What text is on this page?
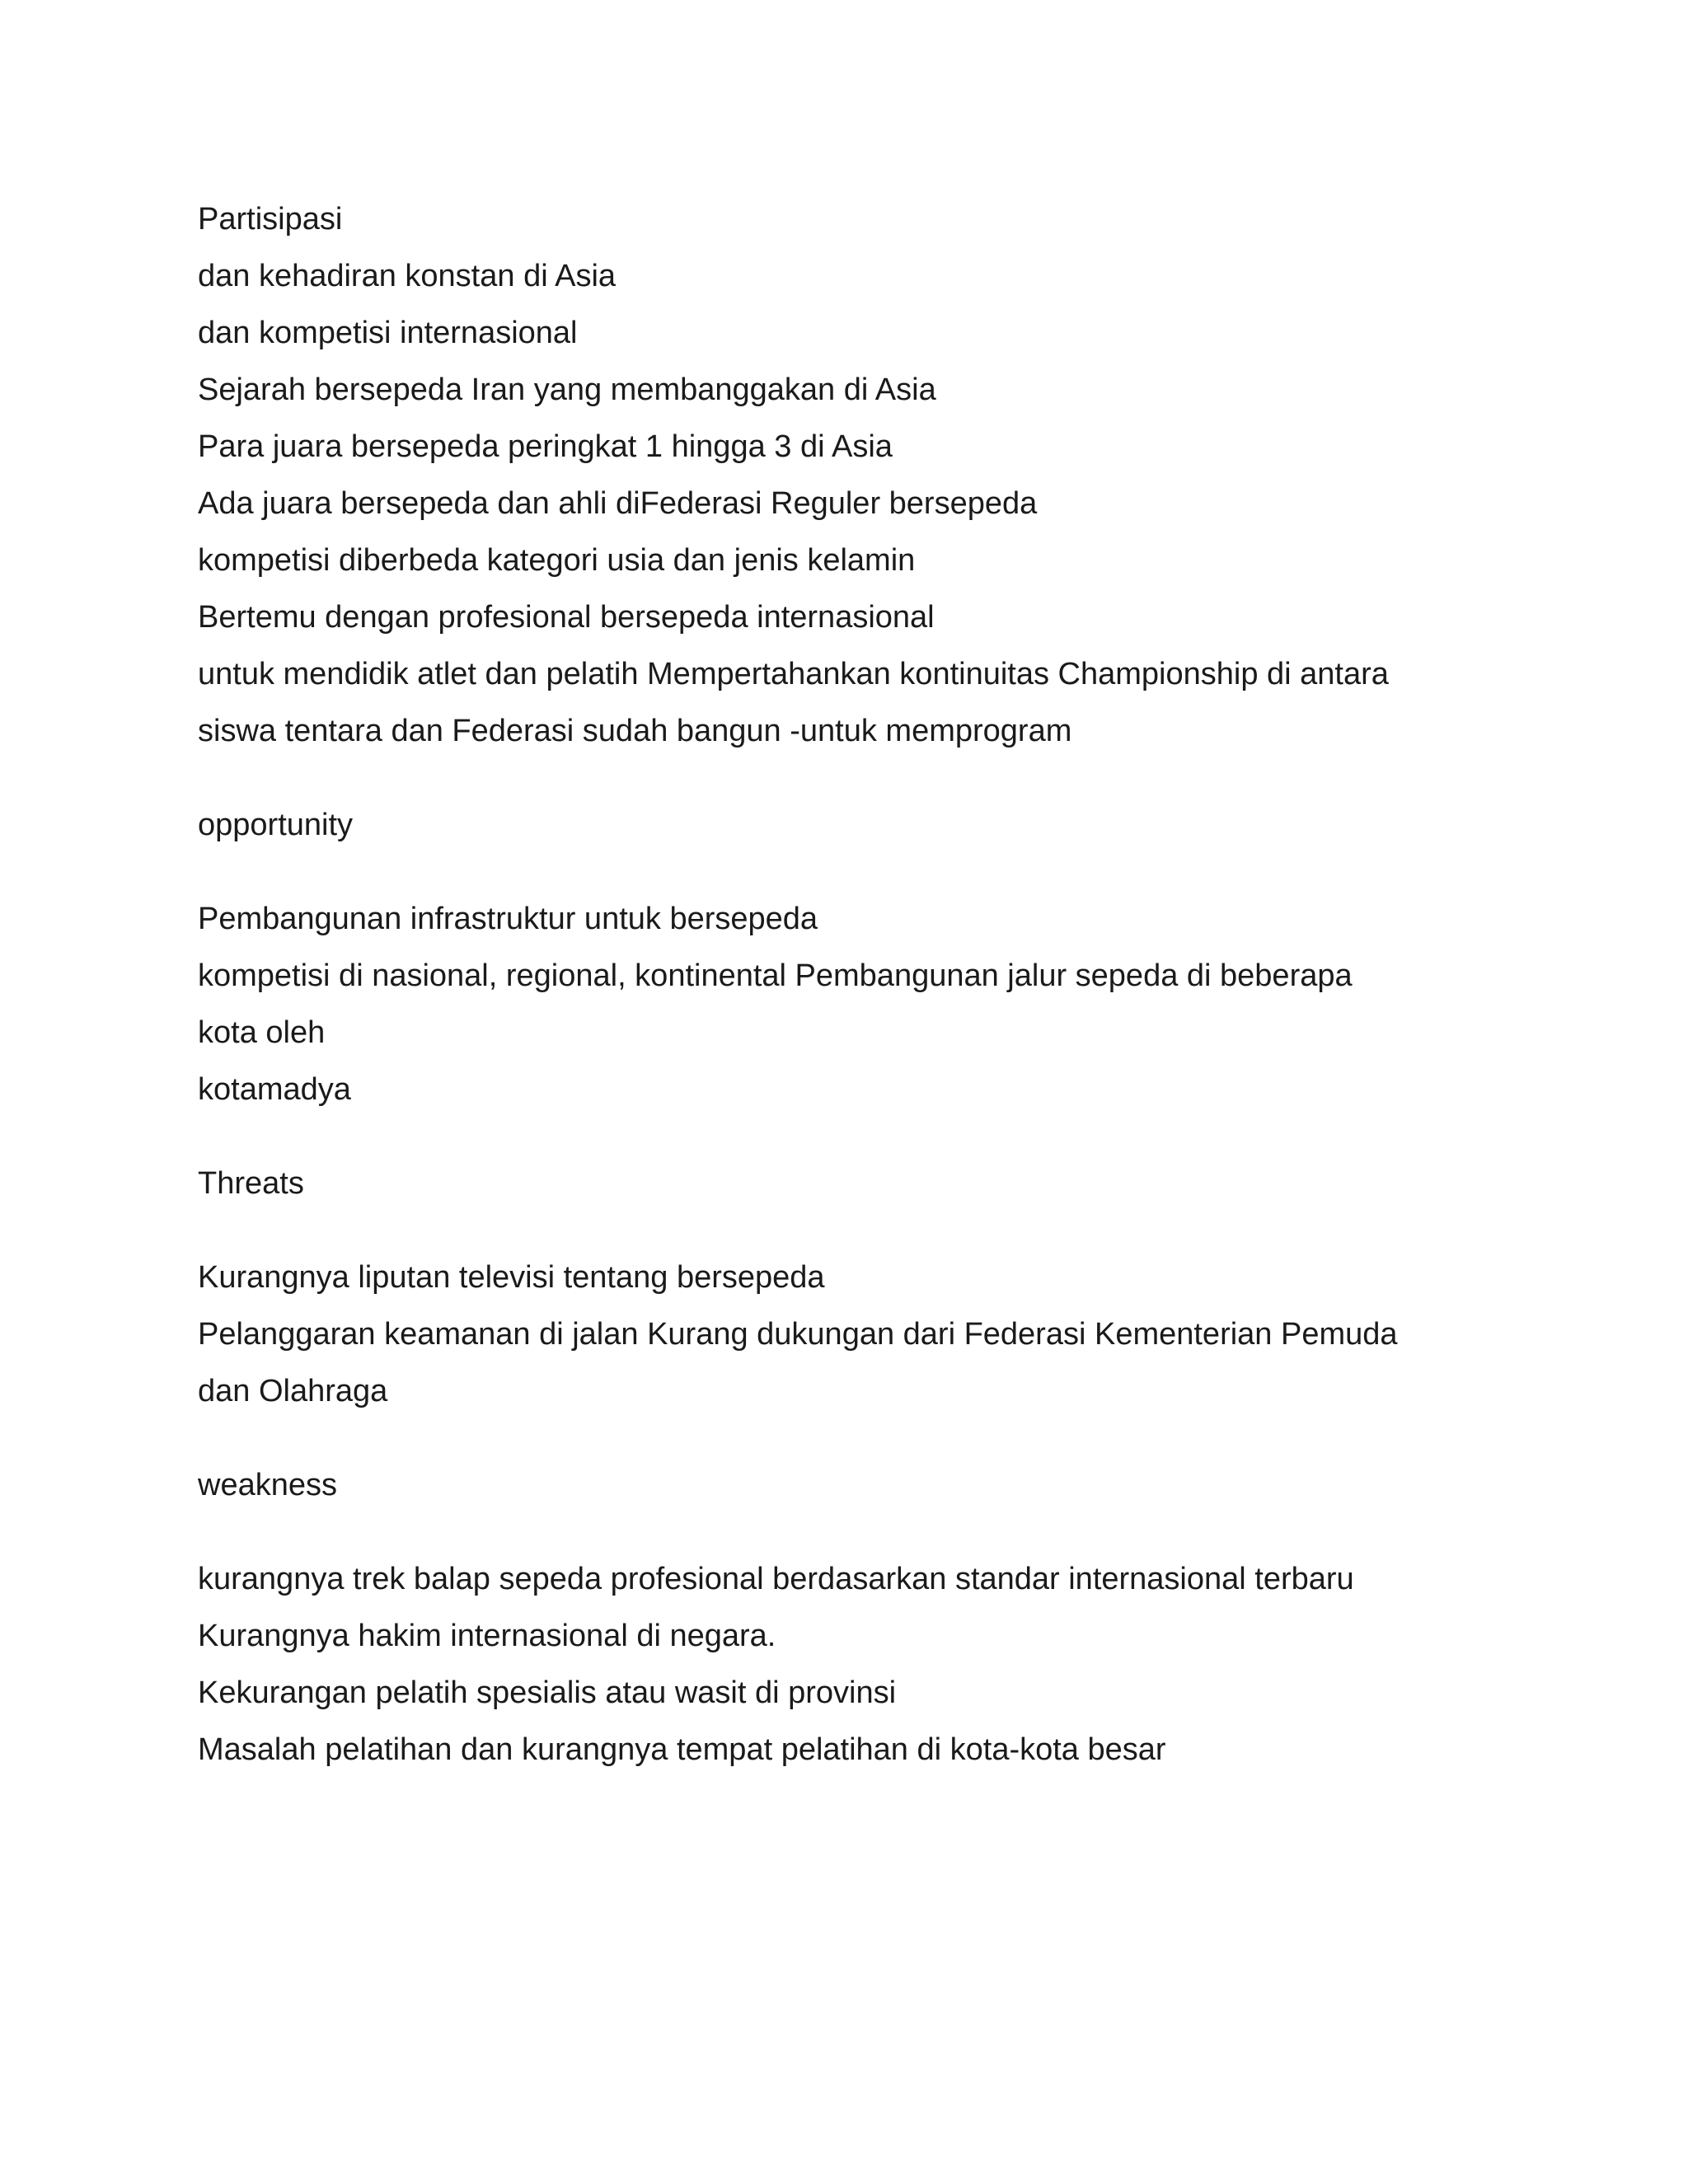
Partisipasi
dan kehadiran konstan di Asia
dan kompetisi internasional
Sejarah bersepeda Iran yang membanggakan di Asia
Para juara bersepeda peringkat 1 hingga 3 di Asia
Ada juara bersepeda dan ahli diFederasi Reguler bersepeda
kompetisi diberbeda kategori usia dan jenis kelamin
Bertemu dengan profesional bersepeda internasional
untuk mendidik atlet dan pelatih Mempertahankan kontinuitas Championship di antara
siswa tentara dan Federasi sudah bangun -untuk memprogram
opportunity
Pembangunan infrastruktur untuk bersepeda
kompetisi di nasional, regional, kontinental Pembangunan jalur sepeda di beberapa
kota oleh
kotamadya
Threats
Kurangnya liputan televisi tentang bersepeda
Pelanggaran keamanan di jalan Kurang dukungan dari Federasi Kementerian Pemuda
dan Olahraga
weakness
kurangnya trek balap sepeda profesional berdasarkan standar internasional terbaru
Kurangnya hakim internasional di negara.
Kekurangan pelatih spesialis atau wasit di provinsi
Masalah pelatihan dan kurangnya tempat pelatihan di kota-kota besar
